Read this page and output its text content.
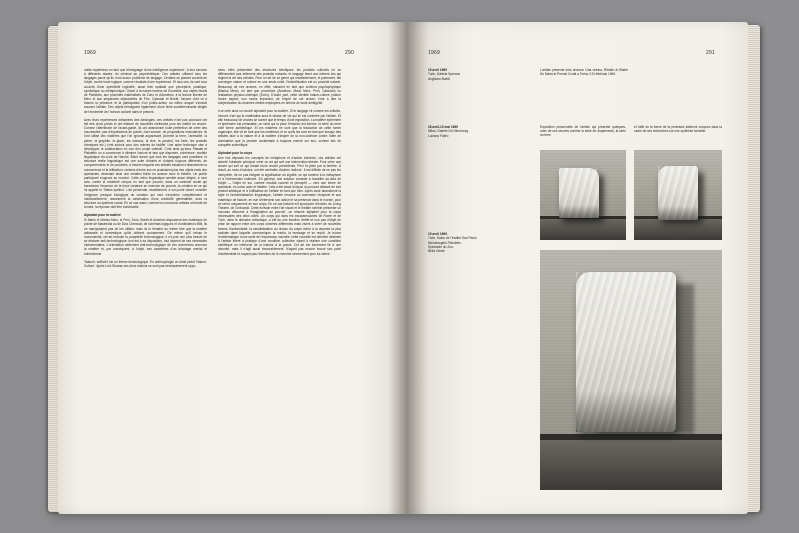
1969	290

notita mystérieux en tant que témoignage d'une intelligence supérieure', à leur secours à différents stades: du minimal au psychédélique. Ces artistes utilisent tous les langages parce qu'ils n'ont aucun problème de langage. Certains se placent au-delà de l'objet, contre toute logique, comme résultats d'une expérience. Et tous ces, ils vont tous au-delà d'une spécificité logicielle, aussi bien spatiale que perceptive, plastique, symbolique ou métaphorique. Grâce à la nature inverse de Koumélis, aux objets rituels de Pistoletto, aux procédés matérialisés de Zorio et d'Anselmo, à la lecture libérée de Merz et aux séquences objectuelles de Piro, Calzolari et Boetti, l'œuvre d'art vit à travers la présence et la participation d'un public-acteur au milieu duquel s'instruit souvent l'artiste. Des objets témoignent également d'une fiche surdéterminante dirigée de l'ensemble de l'horizon culturel dans le présent.

Avec leurs expériences détachées des idéologies, ces artistes n'ont pas poursuivi ont fait des choix précis et ont élaboré de nouvelles méthodes pour les mettre en œuvre. Comme l'attentisme de l'avant-garde, ils ont abandonné toute prétention de créer des nouveautés: pas d'expressions de pointe, d'art avancé, de propositions innovatrices: ils l'ont utilisé des matières que l'on ignorait auparavant (comme la terre, l'animalité, la pierre, la graphite, la glace, les oiseaux, la vive, la poudre), les fixés, les produits chimiques etc.) c'est surtout pour des relevés de facilité. Une autre technique vise à développer la collaboration en vue d'un projet collectif. C'est ainsi qu'avec Passait et Pistoletto on a commencé à éliminer l'œuvre et tant que disposée, cohérence, modèle linguistique vis-à-vis de Harcbir. Étant donné que tous les langages sont possibles, la structure réelle linguistique est une suite d'écarts et d'objets toujours différents, de comportements et de procédés, à travers lesquels ces artistes essaient d'abandonner la concurrence et la réification: certains d'entre eux ne produisent plus des objets mais des spectacles, devenant ainsi une création fluide en avance avec le théâtre. Un public participant s'oppose au marché. Cette vidéo linguistique semble aussi dirigée, à mon avis, contre la créativité conçue en tant que pouvoir, dans un contexte social qui transforme l'essence de la force créatrice en exercice de pouvoir, la création en ce qui lui appelle le 'Status symbol'. L'art percevrait, visuellement, à son point visuel: concilier l'exigence presque biologique du créateur qui veut s'exprimer complètement et individuellement, notamment la valorisation d'une créativité généralisée, avec la structure du système social. En ce cas aussi, comme les nouveaux artistes ont tenté de la faire, la réponse doit être individuelle.

Alphabet pour la matière

Si Mario et Marisa Merz, si Prini, Zorio, Boetti et Anselmo dispossent des matériaux de pointe de Maseeolia ou de Dow Chemical, de schémas logiques et d'ordinateurs IBM, ils ne manipulaient pas de les utiliser, mais ils le feraient au même titre que la matière artisanale et domestique qu'ils utilisent couramment. De même qu'il refuse le monumental, cet art redoute la prospérité technologique: il n'a pas non plus besoin de se déclarer anti-technologique: tout est à sa disposition, tout dépend de ses nécessités instrumentales. L'orientation nettement anti-technologique de ces recherches annonce la matière et, par conséquent, à l'objet, ses caractères d'un bricolage menial et bohémienne.

'Naturel- artificiel' est un thème technologique. En anthropologie on dirait plutôt 'Nature-Culture'. Après Lévi-Strauss ces deux notions ne sont pas nécessairement oppo-

sées: elles présentent des structures identiques: les produits culturels ne se différencient pas tellement des produits naturels, le langage étant aux mêmes lois qui règlent la vie des cellules. Pour un art de ce genre qui manifestement, et justement, fait converger nature et culture en une seule unité, l'indentification est un procédé naturel. Beaucoup de ces œuvres, en effet, naissent en tant que schéma psychophysique (Marisa Merz), en tant que procédure (Anselmo, Mario Merz, Prini, Calzolari) ou réalisation physico-chimique (Zorio). D'autre part, cette identité nature-culture (nature l'autre aspect, non moins important, de l'esprit de cet œuvre; c'est à dire la subjectivation du données réelles employées en dehors de toute ambiguïté.

il se crée ainsi un nouvel alphabet pour la matière. Si le langage vit comme les cellules, l'œuvre d'art qui le matérialise aura le devise de vie qui lui est conférée par l'artiste. Et afin beaucoup de choses se durent que le temps d'une exposition. La matière éphémère et éphémère est périssable, un sens qui la pose l'émotion est interne, la série du terre côté forme authentique. Et les matières ne sont que la traduction de cette forme organique, elle vit en tant que les matériaux et ce qu'ils les sont en tant que lorsque des artistes face à la nature et à la matière s'inspire de la non-violence contre l'idée de domination que la pensée occidentale a toujours exercé sur eux, comme lots de conquête scientifique.

Alphabet pour la corps

Une fois déposés les concepts de métaphore et d'action indirecte, ces artistes ont abordé l'obstacle principal: créer un art qui soit une intervention directe. Pour créer une œuvre qui soit ce qui restait d'une œuvre précédente, Prini l'a jetée par la fenêtre. À résult, au mois d'octobre, ont été centrales d'autres 'actions'. Il est difficile de ne pas les interpréter, de ne pas éloigner la signification du signifié, ce qui ramène à la métaphore et à l'intervention indirecte. En général, une solution consiste à travailler au-delà de l'objet — l'objet en soi, comme résultat concret et perceptif — vers une forme de spectacle, en union avec le théâtre. Cela a été aussi la façon du pouvoir utilisant de tout produit artistique et à l'utilisation de l'artiste en tant que bien. Après avoir abandonné la style et l'autoritéalisation linguistique, l'artiste renonce au sommaire réceptuel et aux matériaux de facture, en vue d'intervenir son action et sa présence dans le monde, pour se servir uniquement de son corps. En ce cas histoire est synonyme d'exister, de Living Theatre, de Grotowski. Cette écrivain entre l'art visuel et le théâtre semble présenter un nouveau détourné à l'imagination au pouvoir', un résumé alphabet pour la corps nécessaires des deux côtés. Un corps qui dans les escaramouches de Rome et de Turin, dans le domaine arthodique, a été du une fonction d'effet et non pas d'objet de prise de rapport entre des corps sincères différentes mais visent à créer de nouvelles formes d'authenticité: la sensibilisation au niveau du corps mène à la réponse la plus radicale dans laquelle communiquer la média, la message et se reçoit. Je trouve l'emblématique d'une sorte de l'expression nouvelle: cette nouvelle est dernière destinée à l'artiste libéré à pratique d'une condition collective visant à réaliser une condition esthétique en intervenir de la histoire à la praxis. Cet art est forcément lié à une minorité, mais il n'agit aussi inexorablement. N'ayant pas encore trouvé son point d'authenticité et n'ayant pas l'intention de le chercher sévèrement pour lui-même.

1969	291

19 avril 1969

Turin, Galeria Sperone

Anghiaro Boetti

L'artiste présente trois œuvres: Una vetrina, Ritratto di Walter De Maria et Prendo il sofà a Torino il 24 febbraio 1969.

28 avril-10 mai 1969

Milan, Galerie De Nieubourg

Luciano Fabro

Exposition personnelle de l'artiste qui présente quelques-unes de ses œuvres comme la série de drapements, la série du terre

et l'affe de la forme de la péninsule italienne conçues dans la cadre de ses recherches sur une synthèse formelle.

19 avril 1969

Turin, Salon de l'Institut San Paolo

Michelangelo Pistoletto

Spectacle du Zoo:

Bella Gente
